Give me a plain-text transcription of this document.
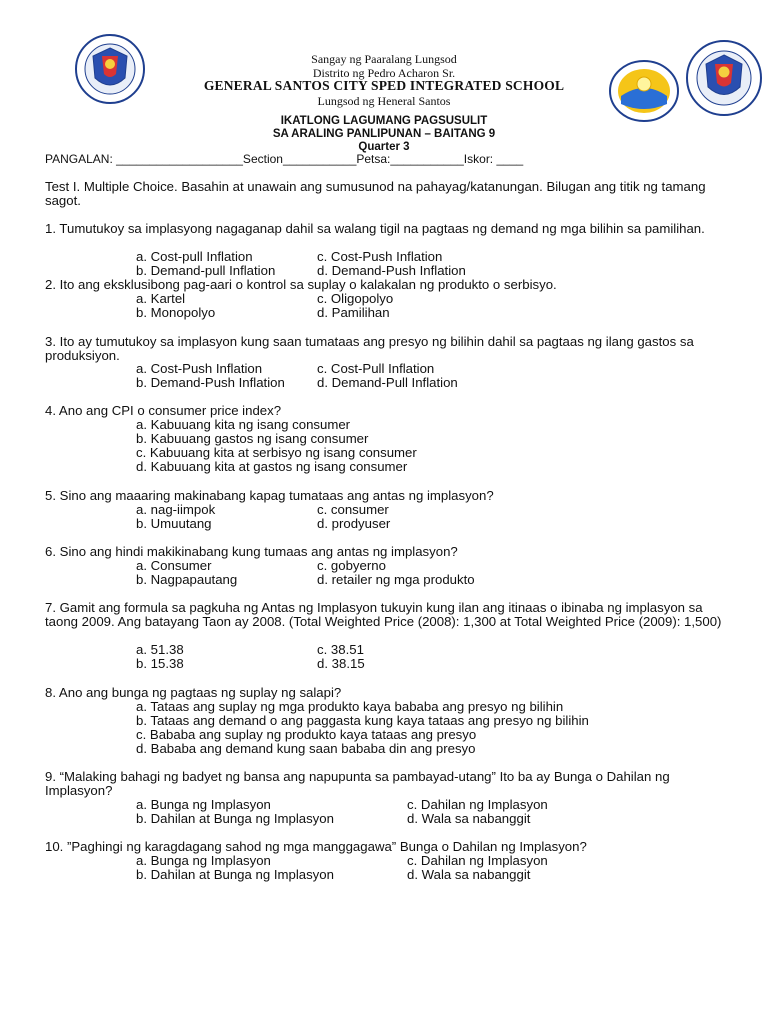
Sangay ng Paaralang Lungsod
Distrito ng Pedro Acharon Sr.
GENERAL SANTOS CITY SPED INTEGRATED SCHOOL
Lungsod ng Heneral Santos
IKATLONG LAGUMANG PAGSUSULIT
SA ARALING PANLIPUNAN – BAITANG 9
Quarter 3
PANGALAN: ___________________Section___________Petsa:___________Iskor: ____
Test I. Multiple Choice. Basahin at unawain ang sumusunod na pahayag/katanungan. Bilugan ang titik ng tamang sagot.
1. Tumutukoy sa implasyong nagaganap dahil sa walang tigil na pagtaas ng demand ng mga bilihin sa pamilihan.
a. Cost-pull Inflation
b. Demand-pull Inflation
c. Cost-Push Inflation
d. Demand-Push Inflation
2. Ito ang eksklusibong pag-aari o kontrol sa suplay o kalakalan ng produkto o serbisyo.
a. Kartel
b. Monopolyo
c. Oligopolyo
d. Pamilihan
3. Ito ay tumutukoy sa implasyon kung saan tumataas ang presyo ng bilihin dahil sa pagtaas ng ilang gastos sa produksiyon.
a. Cost-Push Inflation
b. Demand-Push Inflation
c. Cost-Pull Inflation
d. Demand-Pull Inflation
4. Ano ang CPI o consumer price index?
a. Kabuuang kita ng isang consumer
b. Kabuuang gastos ng isang consumer
c. Kabuuang kita at serbisyo ng isang consumer
d. Kabuuang kita at gastos ng isang consumer
5. Sino ang maaaring makinabang kapag tumataas ang antas ng implasyon?
a. nag-iimpok
b. Umuutang
c. consumer
d. prodyuser
6. Sino ang hindi makikinabang kung tumaas ang antas ng implasyon?
a. Consumer
b. Nagpapautang
c. gobyerno
d. retailer ng mga produkto
7. Gamit ang formula sa pagkuha ng Antas ng Implasyon tukuyin kung ilan ang itinaas o ibinaba ng implasyon sa taong 2009. Ang batayang Taon ay 2008. (Total Weighted Price (2008): 1,300 at Total Weighted Price (2009): 1,500)
a. 51.38
b. 15.38
c. 38.51
d. 38.15
8. Ano ang bunga ng pagtaas ng suplay ng salapi?
a. Tataas ang suplay ng mga produkto kaya bababa ang presyo ng bilihin
b. Tataas ang demand o ang paggasta kung kaya tataas ang presyo ng bilihin
c. Bababa ang suplay ng produkto kaya tataas ang presyo
d. Bababa ang demand kung saan bababa din ang presyo
9. “Malaking bahagi ng badyet ng bansa ang napupunta sa pambayad-utang” Ito ba ay Bunga o Dahilan ng Implasyon?
a. Bunga ng Implasyon
b. Dahilan at Bunga ng Implasyon
c. Dahilan ng Implasyon
d. Wala sa nabanggit
10. ”Paghingi ng karagdagang sahod ng mga manggagawa” Bunga o Dahilan ng Implasyon?
a. Bunga ng Implasyon
b. Dahilan at Bunga ng Implasyon
c. Dahilan ng Implasyon
d. Wala sa nabanggit
